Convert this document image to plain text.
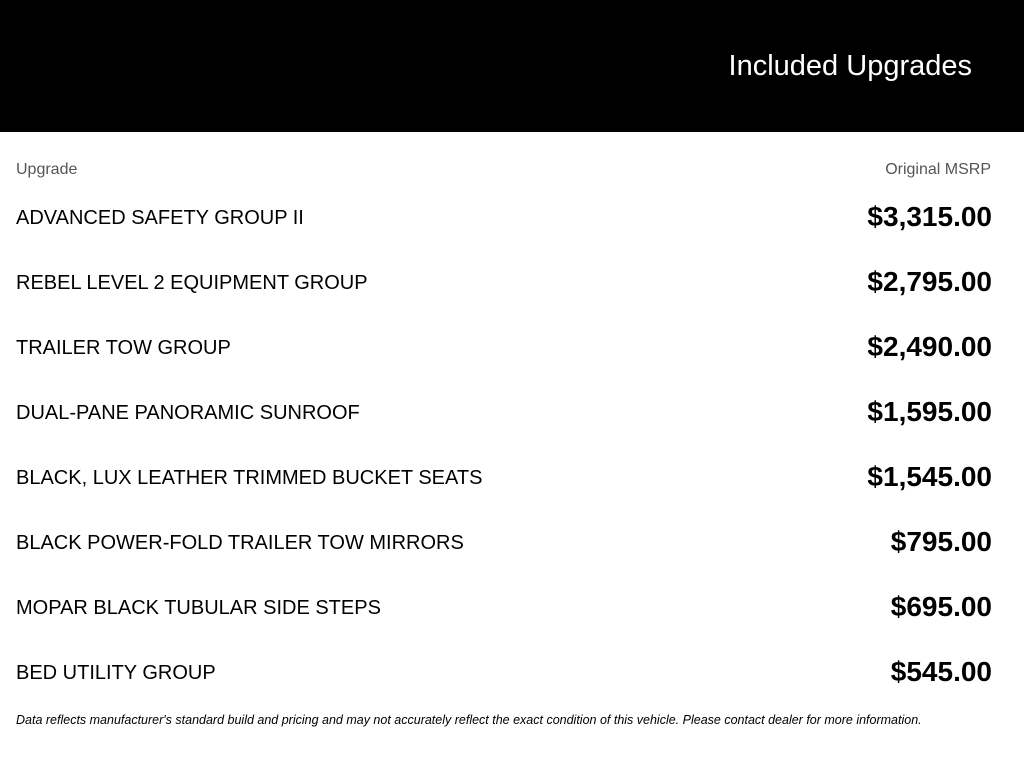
Included Upgrades
Upgrade	Original MSRP
ADVANCED SAFETY GROUP II	$3,315.00
REBEL LEVEL 2 EQUIPMENT GROUP	$2,795.00
TRAILER TOW GROUP	$2,490.00
DUAL-PANE PANORAMIC SUNROOF	$1,595.00
BLACK, LUX LEATHER TRIMMED BUCKET SEATS	$1,545.00
BLACK POWER-FOLD TRAILER TOW MIRRORS	$795.00
MOPAR BLACK TUBULAR SIDE STEPS	$695.00
BED UTILITY GROUP	$545.00
Data reflects manufacturer's standard build and pricing and may not accurately reflect the exact condition of this vehicle. Please contact dealer for more information.
